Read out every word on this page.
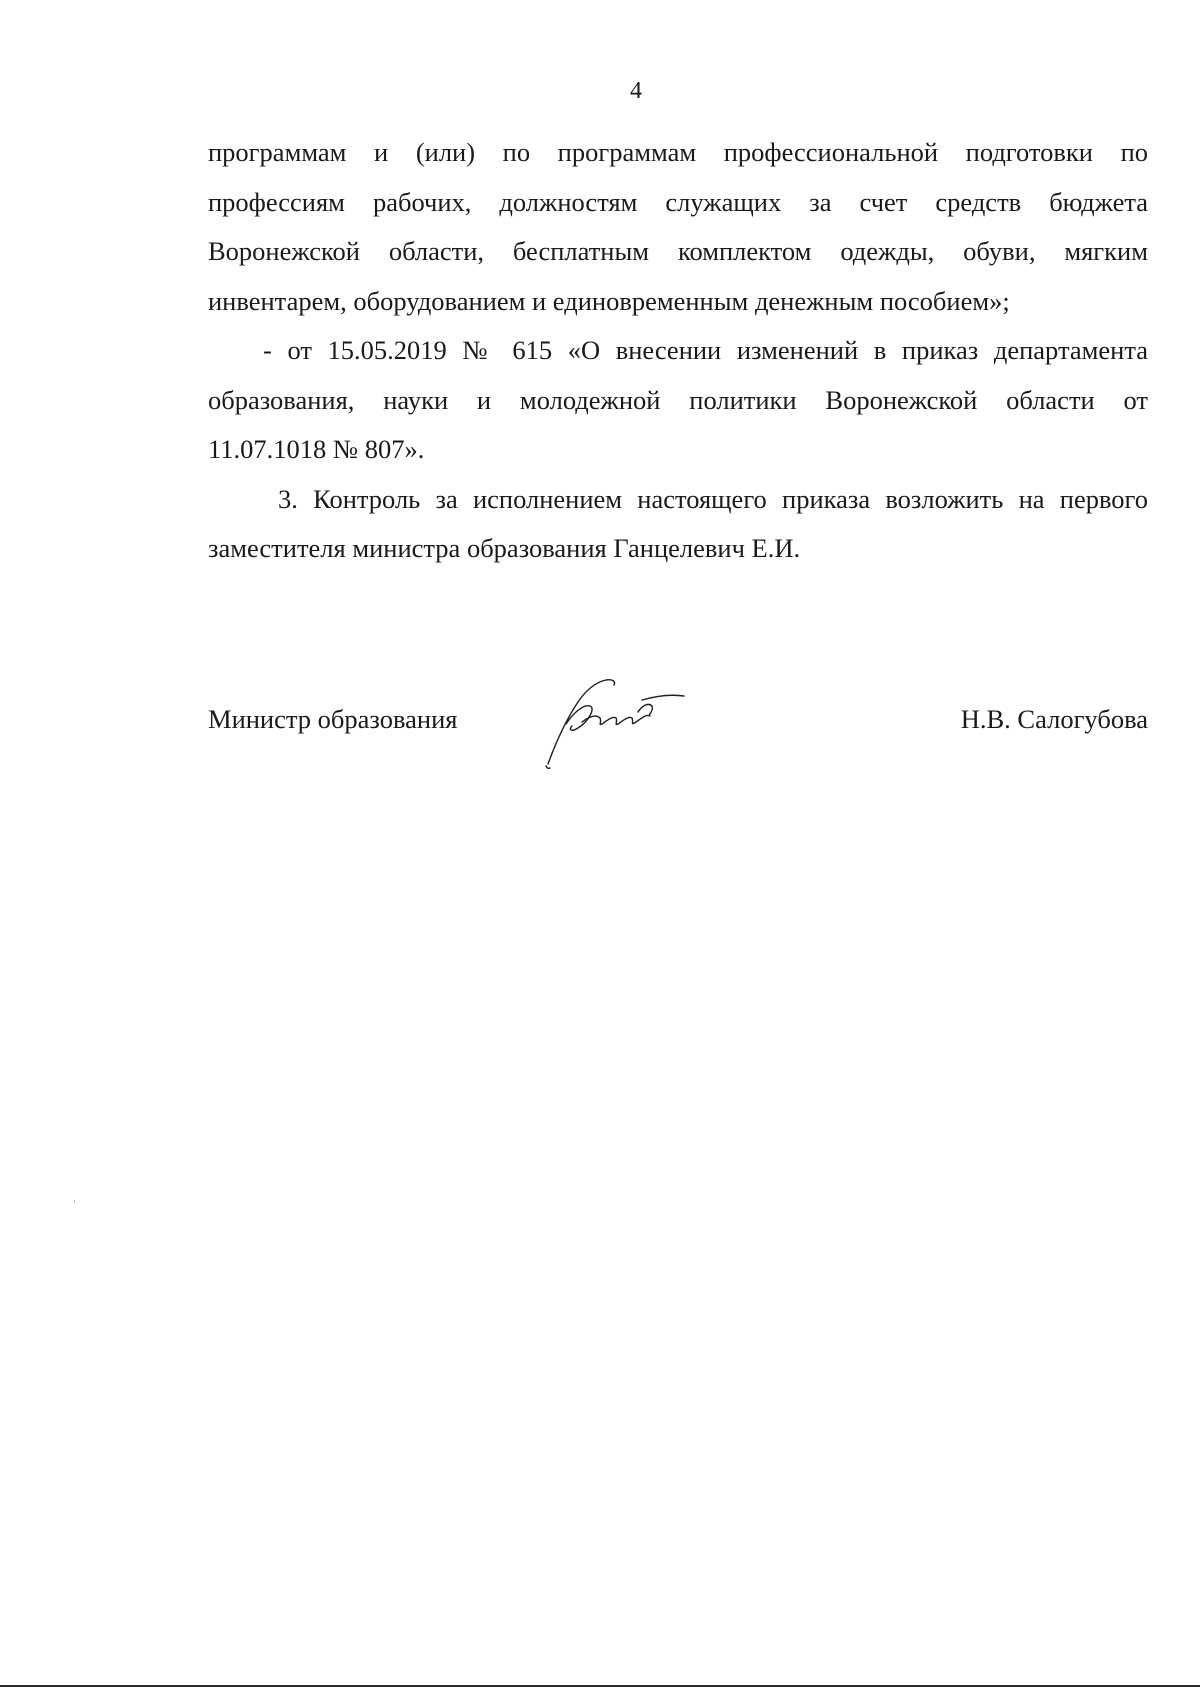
4

программам и (или) по программам профессиональной подготовки по
профессиям рабочих, должностям служащих за счет средств бюджета
Воронежской области, бесплатным комплектом одежды, обуви, мягким
инвентарем, оборудованием и единовременным денежным пособием»;

- от 15.05.2019 № 615 «О внесении изменений в приказ департамента
образования, науки и молодежной политики Воронежской области от
11.07.1018 № 807».

3. Контроль за исполнением настоящего приказа возложить на первого
заместителя министра образования Ганцелевич Е.И.

Министр образования	Н.В. Салогубова
